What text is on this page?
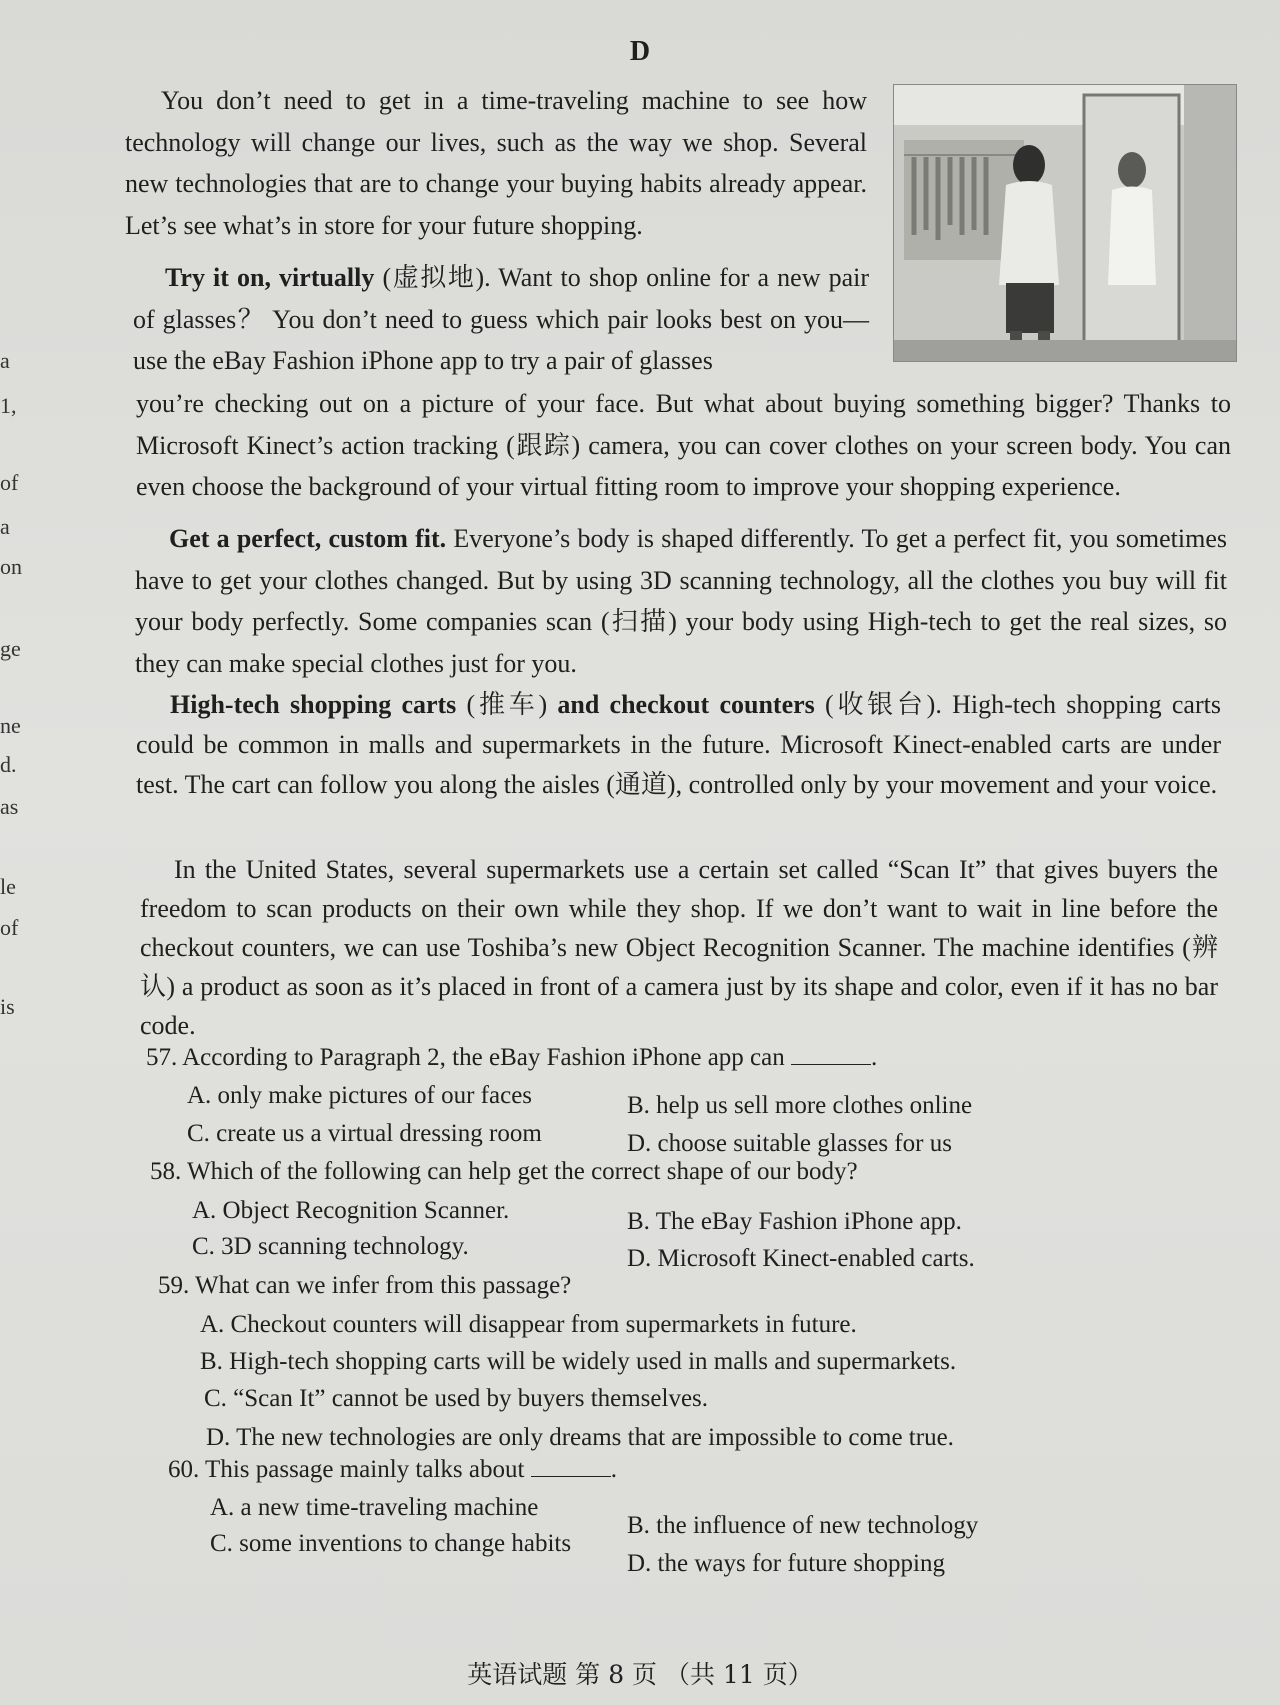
a
1,
of
a
on
ge
ne
d.
as
le
of
is
D

You don’t need to get in a time-traveling machine to see how technology will change our lives, such as the way we shop. Several new technologies that are to change your buying habits already appear. Let’s see what’s in store for your future shopping.

Try it on, virtually (虚拟地). Want to shop online for a new pair of glasses？ You don’t need to guess which pair looks best on you—use the eBay Fashion iPhone app to try a pair of glasses

you’re checking out on a picture of your face. But what about buying something bigger? Thanks to Microsoft Kinect’s action tracking (跟踪) camera, you can cover clothes on your screen body. You can even choose the background of your virtual fitting room to improve your shopping experience.

Get a perfect, custom fit. Everyone’s body is shaped differently. To get a perfect fit, you sometimes have to get your clothes changed. But by using 3D scanning technology, all the clothes you buy will fit your body perfectly. Some companies scan (扫描) your body using High-tech to get the real sizes, so they can make special clothes just for you.

High-tech shopping carts (推车) and checkout counters (收银台). High-tech shopping carts could be common in malls and supermarkets in the future. Microsoft Kinect-enabled carts are under test. The cart can follow you along the aisles (通道), controlled only by your movement and your voice.

In the United States, several supermarkets use a certain set called “Scan It” that gives buyers the freedom to scan products on their own while they shop. If we don’t want to wait in line before the checkout counters, we can use Toshiba’s new Object Recognition Scanner. The machine identifies (辨认) a product as soon as it’s placed in front of a camera just by its shape and color, even if it has no bar code.

57. According to Paragraph 2, the eBay Fashion iPhone app can	.
A. only make pictures of our faces	B. help us sell more clothes online
C. create us a virtual dressing room	D. choose suitable glasses for us
58. Which of the following can help get the correct shape of our body?
A. Object Recognition Scanner.	B. The eBay Fashion iPhone app.
C. 3D scanning technology.	D. Microsoft Kinect-enabled carts.
59. What can we infer from this passage?
A. Checkout counters will disappear from supermarkets in future.
B. High-tech shopping carts will be widely used in malls and supermarkets.
C. “Scan It” cannot be used by buyers themselves.
D. The new technologies are only dreams that are impossible to come true.
60. This passage mainly talks about	.
A. a new time-traveling machine
B. the influence of new technology
C. some inventions to change habits
D. the ways for future shopping
英语试题 第 8 页 （共 11 页）
